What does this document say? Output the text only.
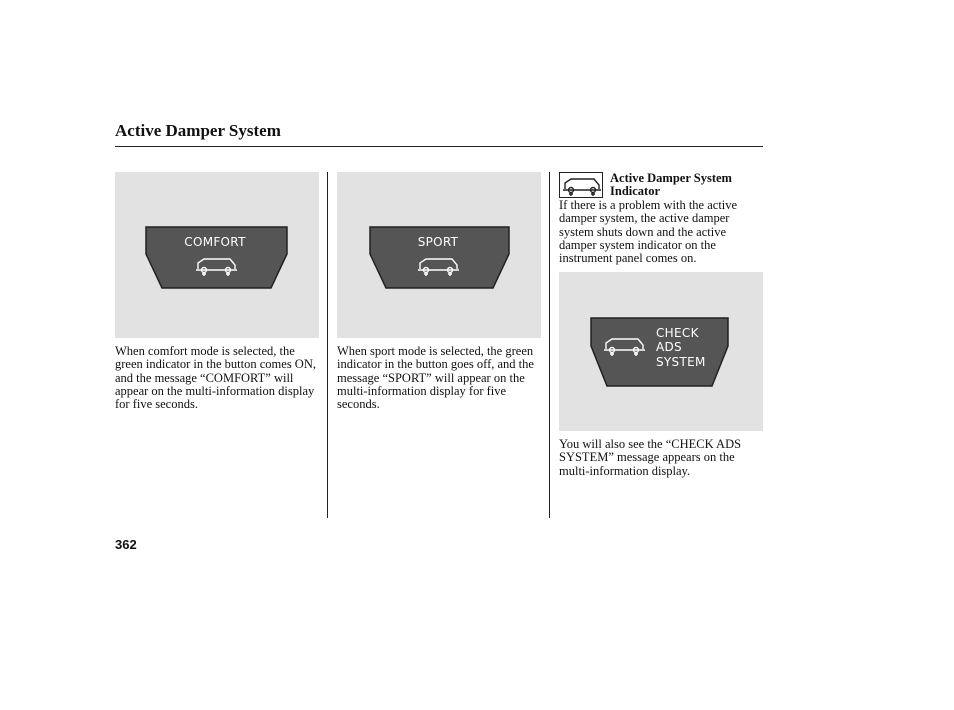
Active Damper System
COMFORT	SPORT

When comfort mode is selected, the green indicator in the button comes ON, and the message “COMFORT” will appear on the multi-information display for five seconds.

When sport mode is selected, the green indicator in the button goes off, and the message “SPORT” will appear on the multi-information display for five seconds.

Active Damper System Indicator

If there is a problem with the active damper system, the active damper system shuts down and the active damper system indicator on the instrument panel comes on.

CHECK
ADS
SYSTEM

You will also see the “CHECK ADS SYSTEM” message appears on the multi-information display.

362
